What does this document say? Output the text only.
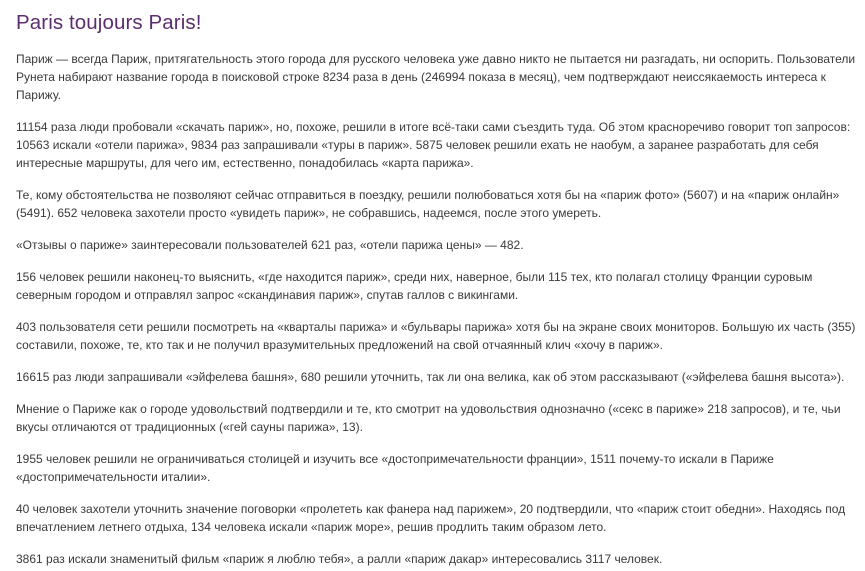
Paris toujours Paris!

Париж — всегда Париж, притягательность этого города для русского человека уже давно никто не пытается ни разгадать, ни оспорить. Пользователи Рунета набирают название города в поисковой строке 8234 раза в день (246994 показа в месяц), чем подтверждают неиссякаемость интереса к Парижу.

11154 раза люди пробовали «скачать париж», но, похоже, решили в итоге всё-таки сами съездить туда. Об этом красноречиво говорит топ запросов: 10563 искали «отели парижа», 9834 раз запрашивали «туры в париж». 5875 человек решили ехать не наобум, а заранее разработать для себя интересные маршруты, для чего им, естественно, понадобилась «карта парижа».

Те, кому обстоятельства не позволяют сейчас отправиться в поездку, решили полюбоваться хотя бы на «париж фото» (5607) и на «париж онлайн» (5491). 652 человека захотели просто «увидеть париж», не собравшись, надеемся, после этого умереть.

«Отзывы о париже» заинтересовали пользователей 621 раз, «отели парижа цены» — 482.

156 человек решили наконец-то выяснить, «где находится париж», среди них, наверное, были 115 тех, кто полагал столицу Франции суровым северным городом и отправлял запрос «скандинавия париж», спутав галлов с викингами.

403 пользователя сети решили посмотреть на «кварталы парижа» и «бульвары парижа» хотя бы на экране своих мониторов. Большую их часть (355) составили, похоже, те, кто так и не получил вразумительных предложений на свой отчаянный клич «хочу в париж».

16615 раз люди запрашивали «эйфелева башня», 680 решили уточнить, так ли она велика, как об этом рассказывают («эйфелева башня высота»).

Мнение о Париже как о городе удовольствий подтвердили и те, кто смотрит на удовольствия однозначно («секс в париже» 218 запросов), и те, чьи вкусы отличаются от традиционных («гей сауны парижа», 13).

1955 человек решили не ограничиваться столицей и изучить все «достопримечательности франции», 1511 почему-то искали в Париже «достопримечательности италии».

40 человек захотели уточнить значение поговорки «пролететь как фанера над парижем», 20 подтвердили, что «париж стоит обедни». Находясь под впечатлением летнего отдыха, 134 человека искали «париж море», решив продлить таким образом лето.

3861 раз искали знаменитый фильм «париж я люблю тебя», а ралли «париж дакар» интересовались 3117 человек.
